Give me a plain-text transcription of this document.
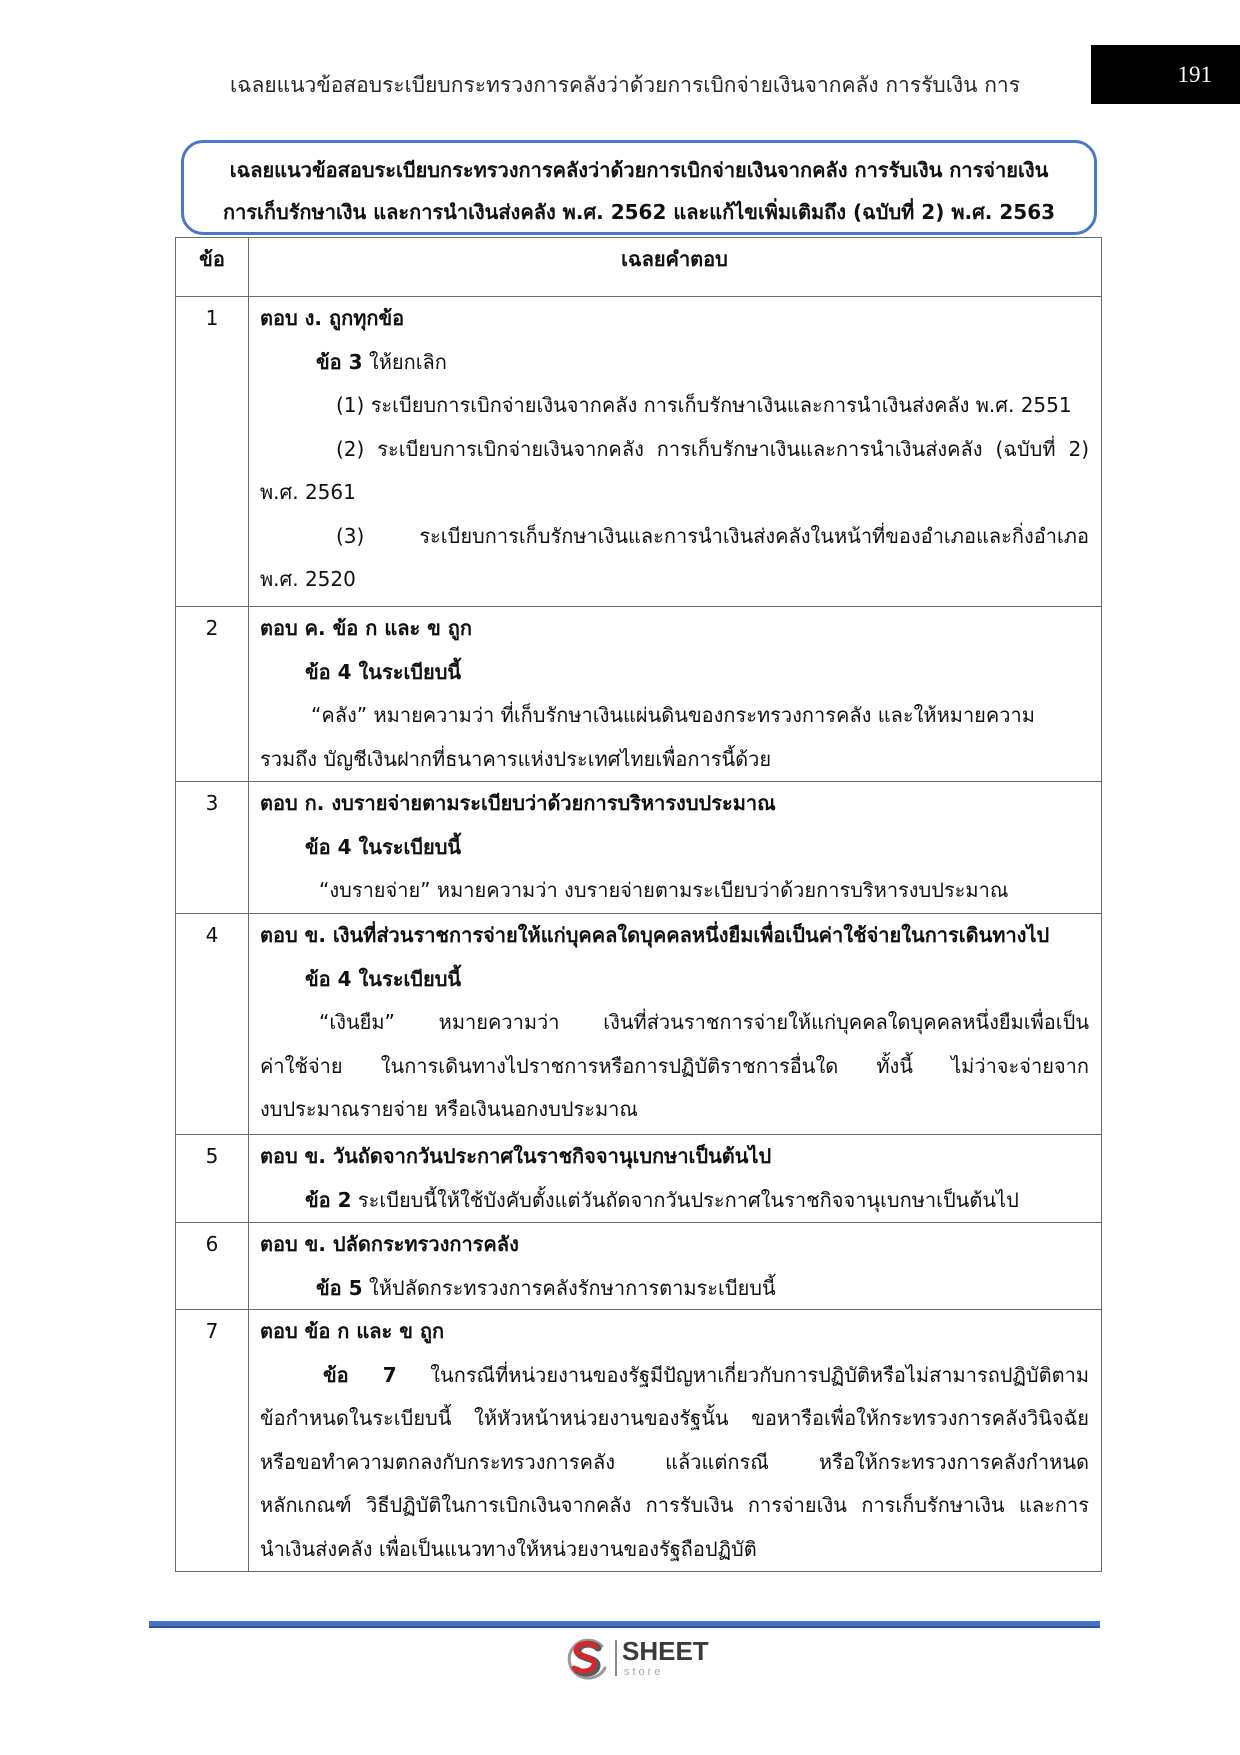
เฉลยแนวข้อสอบระเบียบกระทรวงการคลังว่าด้วยการเบิกจ่ายเงินจากคลัง การรับเงิน การ	191
เฉลยแนวข้อสอบระเบียบกระทรวงการคลังว่าด้วยการเบิกจ่ายเงินจากคลัง การรับเงิน การจ่ายเงิน
การเก็บรักษาเงิน และการนำเงินส่งคลัง พ.ศ. 2562 และแก้ไขเพิ่มเติมถึง (ฉบับที่ 2) พ.ศ. 2563
ข้อ	เฉลยคำตอบ
1	ตอบ ง. ถูกทุกข้อ
ข้อ 3 ให้ยกเลิก
(1) ระเบียบการเบิกจ่ายเงินจากคลัง การเก็บรักษาเงินและการนำเงินส่งคลัง พ.ศ. 2551
(2) ระเบียบการเบิกจ่ายเงินจากคลัง การเก็บรักษาเงินและการนำเงินส่งคลัง (ฉบับที่ 2)
พ.ศ. 2561
(3) ระเบียบการเก็บรักษาเงินและการนำเงินส่งคลังในหน้าที่ของอำเภอและกิ่งอำเภอ
พ.ศ. 2520
2	ตอบ ค. ข้อ ก และ ข ถูก
ข้อ 4 ในระเบียบนี้
“คลัง” หมายความว่า ที่เก็บรักษาเงินแผ่นดินของกระทรวงการคลัง และให้หมายความ
รวมถึง บัญชีเงินฝากที่ธนาคารแห่งประเทศไทยเพื่อการนี้ด้วย
3	ตอบ ก. งบรายจ่ายตามระเบียบว่าด้วยการบริหารงบประมาณ
ข้อ 4 ในระเบียบนี้
“งบรายจ่าย” หมายความว่า งบรายจ่ายตามระเบียบว่าด้วยการบริหารงบประมาณ
4	ตอบ ข. เงินที่ส่วนราชการจ่ายให้แก่บุคคลใดบุคคลหนึ่งยืมเพื่อเป็นค่าใช้จ่ายในการเดินทางไป
ข้อ 4 ในระเบียบนี้
“เงินยืม” หมายความว่า เงินที่ส่วนราชการจ่ายให้แก่บุคคลใดบุคคลหนึ่งยืมเพื่อเป็น
ค่าใช้จ่าย ในการเดินทางไปราชการหรือการปฏิบัติราชการอื่นใด ทั้งนี้ ไม่ว่าจะจ่ายจาก
งบประมาณรายจ่าย หรือเงินนอกงบประมาณ
5	ตอบ ข. วันถัดจากวันประกาศในราชกิจจานุเบกษาเป็นต้นไป
ข้อ 2 ระเบียบนี้ให้ใช้บังคับตั้งแต่วันถัดจากวันประกาศในราชกิจจานุเบกษาเป็นต้นไป
6	ตอบ ข. ปลัดกระทรวงการคลัง
ข้อ 5 ให้ปลัดกระทรวงการคลังรักษาการตามระเบียบนี้
7	ตอบ ข้อ ก และ ข ถูก
ข้อ 7 ในกรณีที่หน่วยงานของรัฐมีปัญหาเกี่ยวกับการปฏิบัติหรือไม่สามารถปฏิบัติตาม
ข้อกำหนดในระเบียบนี้ ให้หัวหน้าหน่วยงานของรัฐนั้น ขอหารือเพื่อให้กระทรวงการคลังวินิจฉัย
หรือขอทำความตกลงกับกระทรวงการคลัง แล้วแต่กรณี หรือให้กระทรวงการคลังกำหนด
หลักเกณฑ์ วิธีปฏิบัติในการเบิกเงินจากคลัง การรับเงิน การจ่ายเงิน การเก็บรักษาเงิน และการ
นำเงินส่งคลัง เพื่อเป็นแนวทางให้หน่วยงานของรัฐถือปฏิบัติ
SHEET
store
